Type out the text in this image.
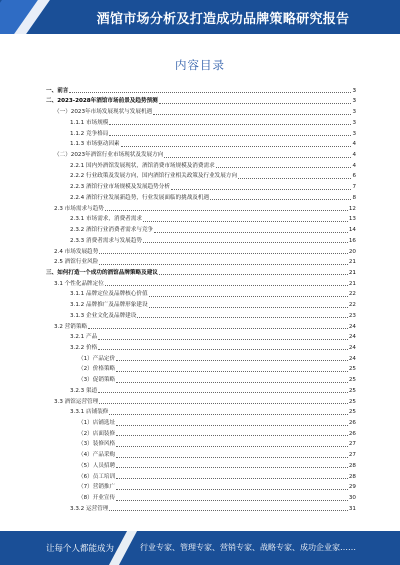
酒馆市场分析及打造成功品牌策略研究报告
内容目录
一、前言	3
二、2023-2028年酒馆市场前景及趋势预测	3
（一）2023年市场发展现状与发展机遇	3
1.1.1 市场规模	3
1.1.2 竞争格局	3
1.1.3 市场驱动因素	4
（二）2023年酒馆行业市场现状及发展方向	4
2.2.1 国内外酒馆发展现状，酒馆消费市场规模及消费需求	4
2.2.2 行业政策及发展方向，国内酒馆行业相关政策及行业发展方向	6
2.2.3 酒馆行业市场规模及发展趋势分析	7
2.2.4 酒馆行业发展新趋势，行业发展面临的挑战及机遇	8
2.3 市场需求与趋势	12
2.3.1 市场需求，消费者需求	13
2.3.2 酒馆行业消费者需求与竞争	14
2.3.3 消费者需求与发展趋势	16
2.4 市场发展趋势	20
2.5 酒馆行业风险	21
三、如何打造一个成功的酒馆品牌策略及建议	21
3.1 个性化品牌定位	21
3.1.1 品牌定位及品牌核心价值	22
3.1.2 品牌推广及品牌形象建设	22
3.1.3 企业文化及品牌建设	23
3.2 营销策略	24
3.2.1 产品	24
3.2.2 价格	24
（1）产品定价	24
（2）价格策略	25
（3）促销策略	25
3.2.3 渠道	25
3.3 酒馆运营管理	25
3.3.1 店铺装修	25
（1）店铺选址	26
（2）店面装修	26
（3）装修风格	27
（4）产品采购	27
（5）人员招聘	28
（6）员工培训	28
（7）营销推广	29
（8）开业宣传	30
3.3.2 运营管理	31
让每个人都能成为	行业专家、管理专家、营销专家、战略专家、成功企业家……
